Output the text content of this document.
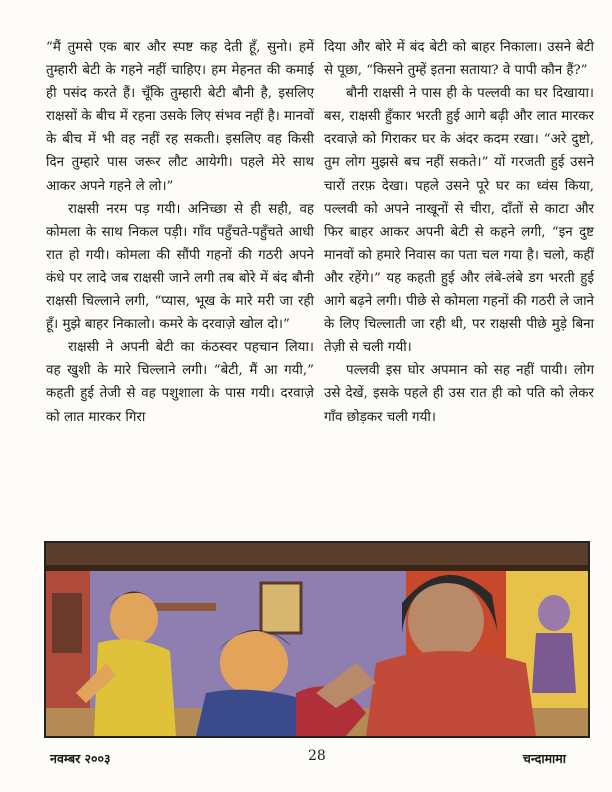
“मैं तुमसे एक बार और स्पष्ट कह देती हूँ, सुनो। हमें तुम्हारी बेटी के गहने नहीं चाहिए। हम मेहनत की कमाई ही पसंद करते हैं। चूँकि तुम्हारी बेटी बौनी है, इसलिए राक्षसों के बीच में रहना उसके लिए संभव नहीं है। मानवों के बीच में भी वह नहीं रह सकती। इसलिए वह किसी दिन तुम्हारे पास जरूर लौट आयेगी। पहले मेरे साथ आकर अपने गहने ले लो।”

राक्षसी नरम पड़ गयी। अनिच्छा से ही सही, वह कोमला के साथ निकल पड़ी। गाँव पहुँचते-पहुँचते आधी रात हो गयी। कोमला की सौंपी गहनों की गठरी अपने कंधे पर लादे जब राक्षसी जाने लगी तब बोरे में बंद बौनी राक्षसी चिल्लाने लगी, “प्यास, भूख के मारे मरी जा रही हूँ। मुझे बाहर निकालो। कमरे के दरवाज़े खोल दो।”

राक्षसी ने अपनी बेटी का कंठस्वर पहचान लिया। वह खुशी के मारे चिल्लाने लगी। “बेटी, मैं आ गयी,” कहती हुई तेजी से वह पशुशाला के पास गयी। दरवाज़े को लात मारकर गिरा

दिया और बोरे में बंद बेटी को बाहर निकाला। उसने बेटी से पूछा, “किसने तुम्हें इतना सताया? वे पापी कौन हैं?”

बौनी राक्षसी ने पास ही के पल्लवी का घर दिखाया। बस, राक्षसी हुँकार भरती हुई आगे बढ़ी और लात मारकर दरवाज़े को गिराकर घर के अंदर कदम रखा। “अरे दुष्टो, तुम लोग मुझसे बच नहीं सकते।” यों गरजती हुई उसने चारों तरफ़ देखा। पहले उसने पूरे घर का ध्वंस किया, पल्लवी को अपने नाखूनों से चीरा, दाँतों से काटा और फिर बाहर आकर अपनी बेटी से कहने लगी, “इन दुष्ट मानवों को हमारे निवास का पता चल गया है। चलो, कहीं और रहेंगे।” यह कहती हुई और लंबे-लंबे डग भरती हुई आगे बढ़ने लगी। पीछे से कोमला गहनों की गठरी ले जाने के लिए चिल्लाती जा रही थी, पर राक्षसी पीछे मुड़े बिना तेज़ी से चली गयी।

पल्लवी इस घोर अपमान को सह नहीं पायी। लोग उसे देखें, इसके पहले ही उस रात ही को पति को लेकर गाँव छोड़कर चली गयी।

नवम्बर २००३	28	चन्दामामा
